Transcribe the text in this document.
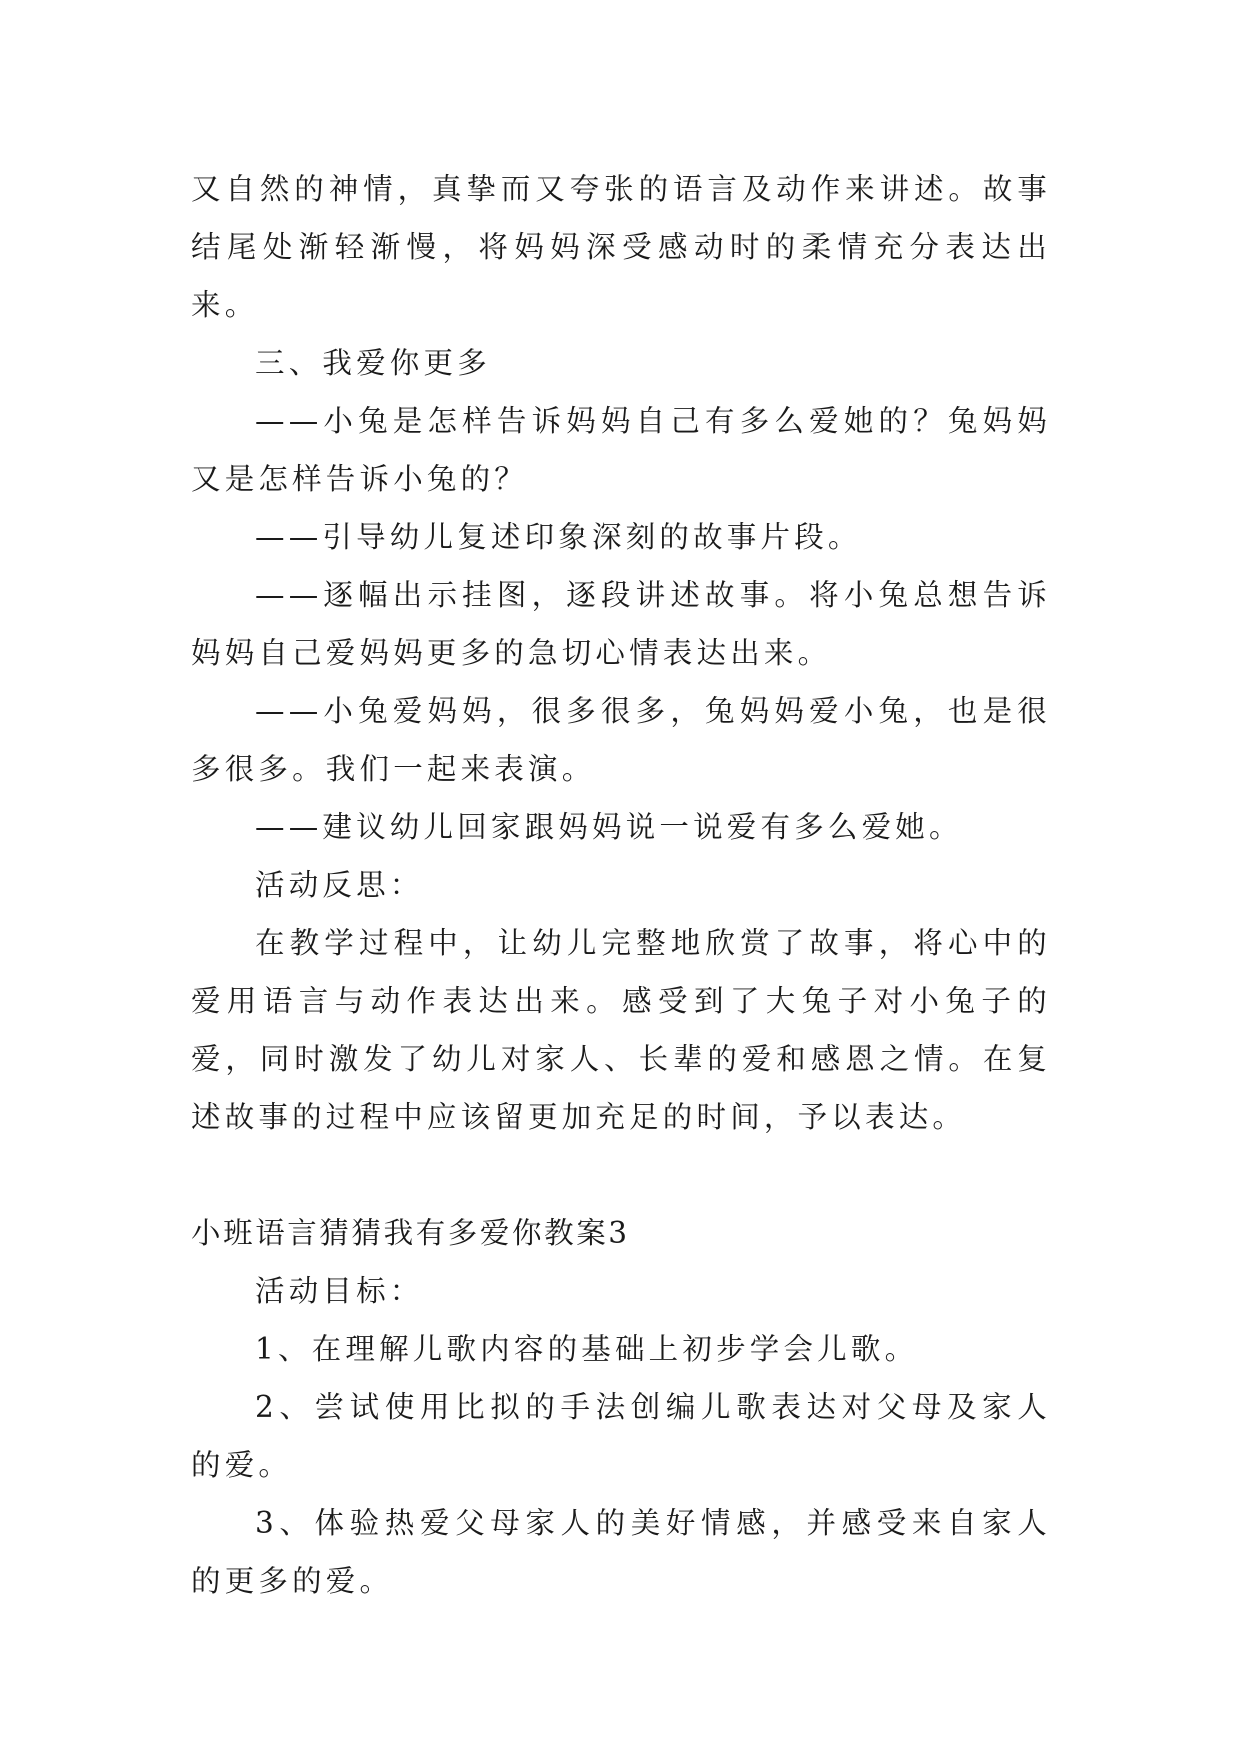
又自然的神情，真挚而又夸张的语言及动作来讲述。故事结尾处渐轻渐慢，将妈妈深受感动时的柔情充分表达出来。

三、我爱你更多

——小兔是怎样告诉妈妈自己有多么爱她的？兔妈妈又是怎样告诉小兔的？

——引导幼儿复述印象深刻的故事片段。

——逐幅出示挂图，逐段讲述故事。将小兔总想告诉妈妈自己爱妈妈更多的急切心情表达出来。

——小兔爱妈妈，很多很多，兔妈妈爱小兔，也是很多很多。我们一起来表演。

——建议幼儿回家跟妈妈说一说爱有多么爱她。

活动反思：

在教学过程中，让幼儿完整地欣赏了故事，将心中的爱用语言与动作表达出来。感受到了大兔子对小兔子的爱，同时激发了幼儿对家人、长辈的爱和感恩之情。在复述故事的过程中应该留更加充足的时间，予以表达。

小班语言猜猜我有多爱你教案3

活动目标：

1、在理解儿歌内容的基础上初步学会儿歌。

2、尝试使用比拟的手法创编儿歌表达对父母及家人的爱。

3、体验热爱父母家人的美好情感，并感受来自家人的更多的爱。
